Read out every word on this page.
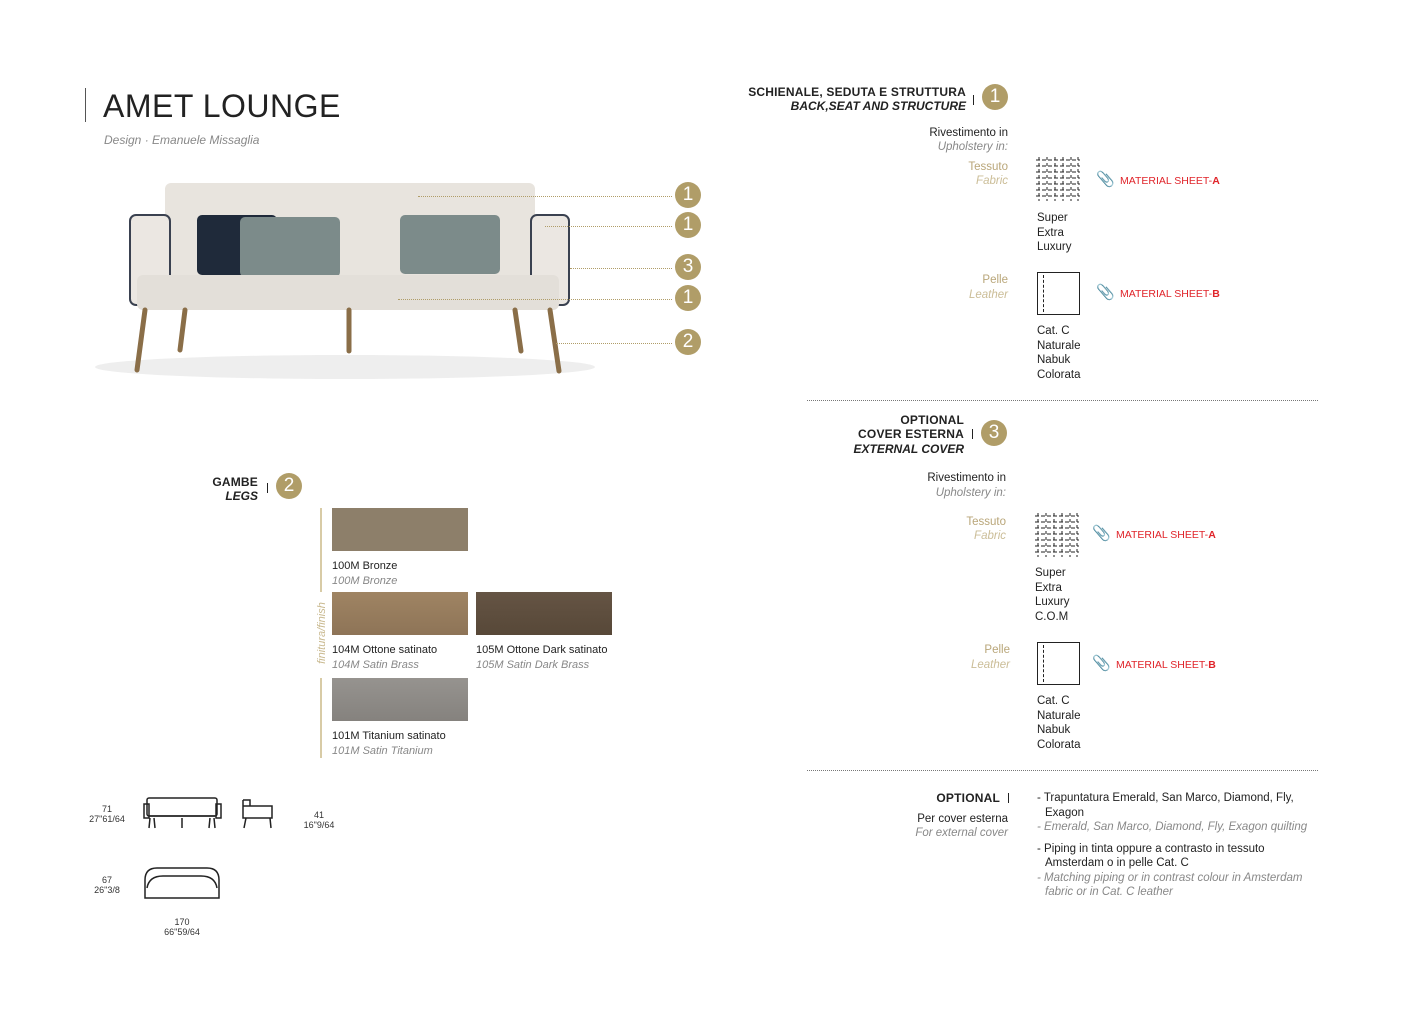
AMET LOUNGE
Design · Emanuele Missaglia
1
1
3
1
2
SCHIENALE, SEDUTA E STRUTTURA
BACK,SEAT AND STRUCTURE	1
Rivestimento in
Upholstery in:
Tessuto
Fabric	📎 MATERIAL SHEET-A
Super
Extra
Luxury
Pelle
Leather	📎 MATERIAL SHEET-B
Cat. C
Naturale
Nabuk
Colorata
OPTIONAL
COVER ESTERNA
EXTERNAL COVER
3
Rivestimento in
Upholstery in:
Tessuto
Fabric	📎 MATERIAL SHEET-A
Super
Extra
Luxury
C.O.M
Pelle
Leather	📎 MATERIAL SHEET-B
Cat. C
Naturale
Nabuk
Colorata
OPTIONAL
Per cover esterna
For external cover
- Trapuntatura Emerald, San Marco, Diamond, Fly, Exagon
- Emerald, San Marco, Diamond, Fly, Exagon quilting
- Piping in tinta oppure a contrasto in tessuto Amsterdam o in pelle Cat. C
- Matching piping or in contrast colour in Amsterdam fabric or in Cat. C leather
GAMBE
LEGS	2
finitura/finish
100M Bronze
100M Bronze
104M Ottone satinato
104M Satin Brass
105M Ottone Dark satinato
105M Satin Dark Brass
101M Titanium satinato
101M Satin Titanium
71
27"61/64	41
16"9/64
67
26"3/8
170
66"59/64
